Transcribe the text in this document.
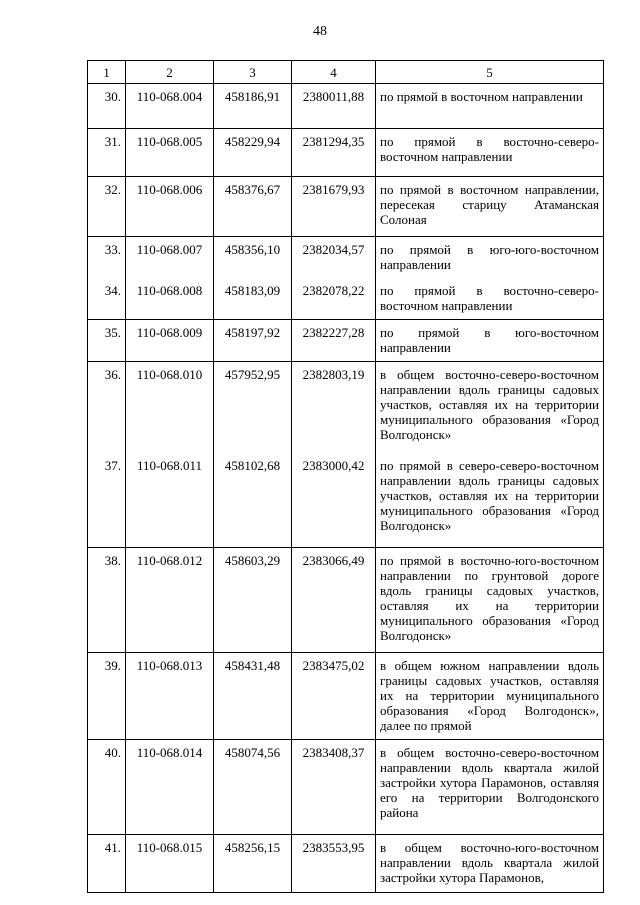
48
1	2	3	4	5
30.	110-068.004	458186,91	2380011,88	по прямой в восточном направлении
31.	110-068.005	458229,94	2381294,35	по прямой в восточно-северо-восточном направлении
32.	110-068.006	458376,67	2381679,93	по прямой в восточном направлении, пересекая старицу Атаманская Солоная
33.	110-068.007	458356,10	2382034,57	по прямой в юго-юго-восточном направлении
34.	110-068.008	458183,09	2382078,22	по прямой в восточно-северо-восточном направлении
35.	110-068.009	458197,92	2382227,28	по прямой в юго-восточном направлении
36.	110-068.010	457952,95	2382803,19	в общем восточно-северо-восточном направлении вдоль границы садовых участков, оставляя их на территории муниципального образования «Город Волгодонск»
37.	110-068.011	458102,68	2383000,42	по прямой в северо-северо-восточном направлении вдоль границы садовых участков, оставляя их на территории муниципального образования «Город Волгодонск»
38.	110-068.012	458603,29	2383066,49	по прямой в восточно-юго-восточном направлении по грунтовой дороге вдоль границы садовых участков, оставляя их на территории муниципального образования «Город Волгодонск»
39.	110-068.013	458431,48	2383475,02	в общем южном направлении вдоль границы садовых участков, оставляя их на территории муниципального образования «Город Волгодонск», далее по прямой
40.	110-068.014	458074,56	2383408,37	в общем восточно-северо-восточном направлении вдоль квартала жилой застройки хутора Парамонов, оставляя его на территории Волгодонского района
41.	110-068.015	458256,15	2383553,95	в общем восточно-юго-восточном направлении вдоль квартала жилой застройки хутора Парамонов,
